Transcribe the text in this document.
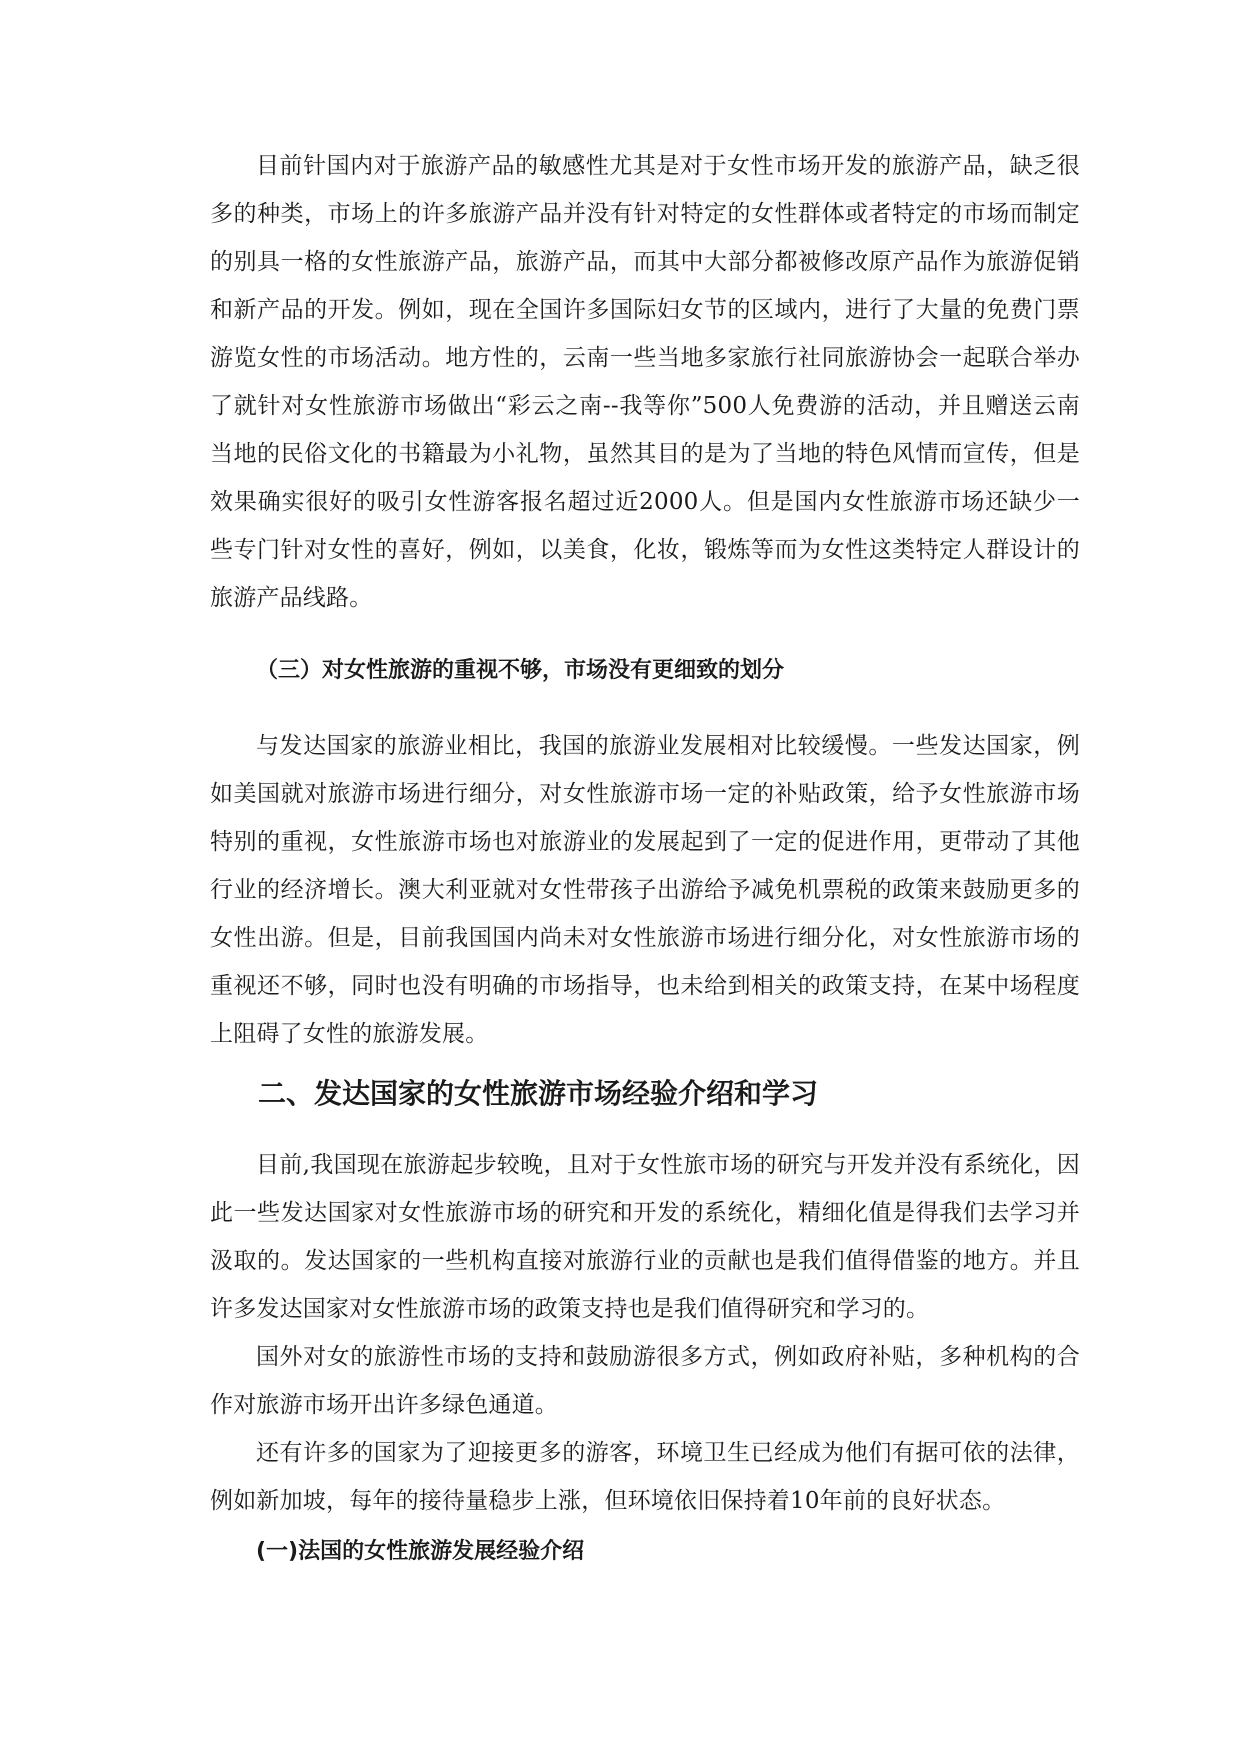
目前针国内对于旅游产品的敏感性尤其是对于女性市场开发的旅游产品，缺乏很多的种类，市场上的许多旅游产品并没有针对特定的女性群体或者特定的市场而制定的别具一格的女性旅游产品，旅游产品，而其中大部分都被修改原产品作为旅游促销和新产品的开发。例如，现在全国许多国际妇女节的区域内，进行了大量的免费门票游览女性的市场活动。地方性的，云南一些当地多家旅行社同旅游协会一起联合举办了就针对女性旅游市场做出“彩云之南--我等你”500人免费游的活动，并且赠送云南当地的民俗文化的书籍最为小礼物，虽然其目的是为了当地的特色风情而宣传，但是效果确实很好的吸引女性游客报名超过近2000人。但是国内女性旅游市场还缺少一些专门针对女性的喜好，例如，以美食，化妆，锻炼等而为女性这类特定人群设计的旅游产品线路。

（三）对女性旅游的重视不够，市场没有更细致的划分

与发达国家的旅游业相比，我国的旅游业发展相对比较缓慢。一些发达国家，例如美国就对旅游市场进行细分，对女性旅游市场一定的补贴政策，给予女性旅游市场特别的重视，女性旅游市场也对旅游业的发展起到了一定的促进作用，更带动了其他行业的经济增长。澳大利亚就对女性带孩子出游给予减免机票税的政策来鼓励更多的女性出游。但是，目前我国国内尚未对女性旅游市场进行细分化，对女性旅游市场的重视还不够，同时也没有明确的市场指导，也未给到相关的政策支持，在某中场程度上阻碍了女性的旅游发展。

二、发达国家的女性旅游市场经验介绍和学习

目前,我国现在旅游起步较晚，且对于女性旅市场的研究与开发并没有系统化，因此一些发达国家对女性旅游市场的研究和开发的系统化，精细化值是得我们去学习并汲取的。发达国家的一些机构直接对旅游行业的贡献也是我们值得借鉴的地方。并且许多发达国家对女性旅游市场的政策支持也是我们值得研究和学习的。

国外对女的旅游性市场的支持和鼓励游很多方式，例如政府补贴，多种机构的合作对旅游市场开出许多绿色通道。

还有许多的国家为了迎接更多的游客，环境卫生已经成为他们有据可依的法律，例如新加坡，每年的接待量稳步上涨，但环境依旧保持着10年前的良好状态。

(一)法国的女性旅游发展经验介绍
